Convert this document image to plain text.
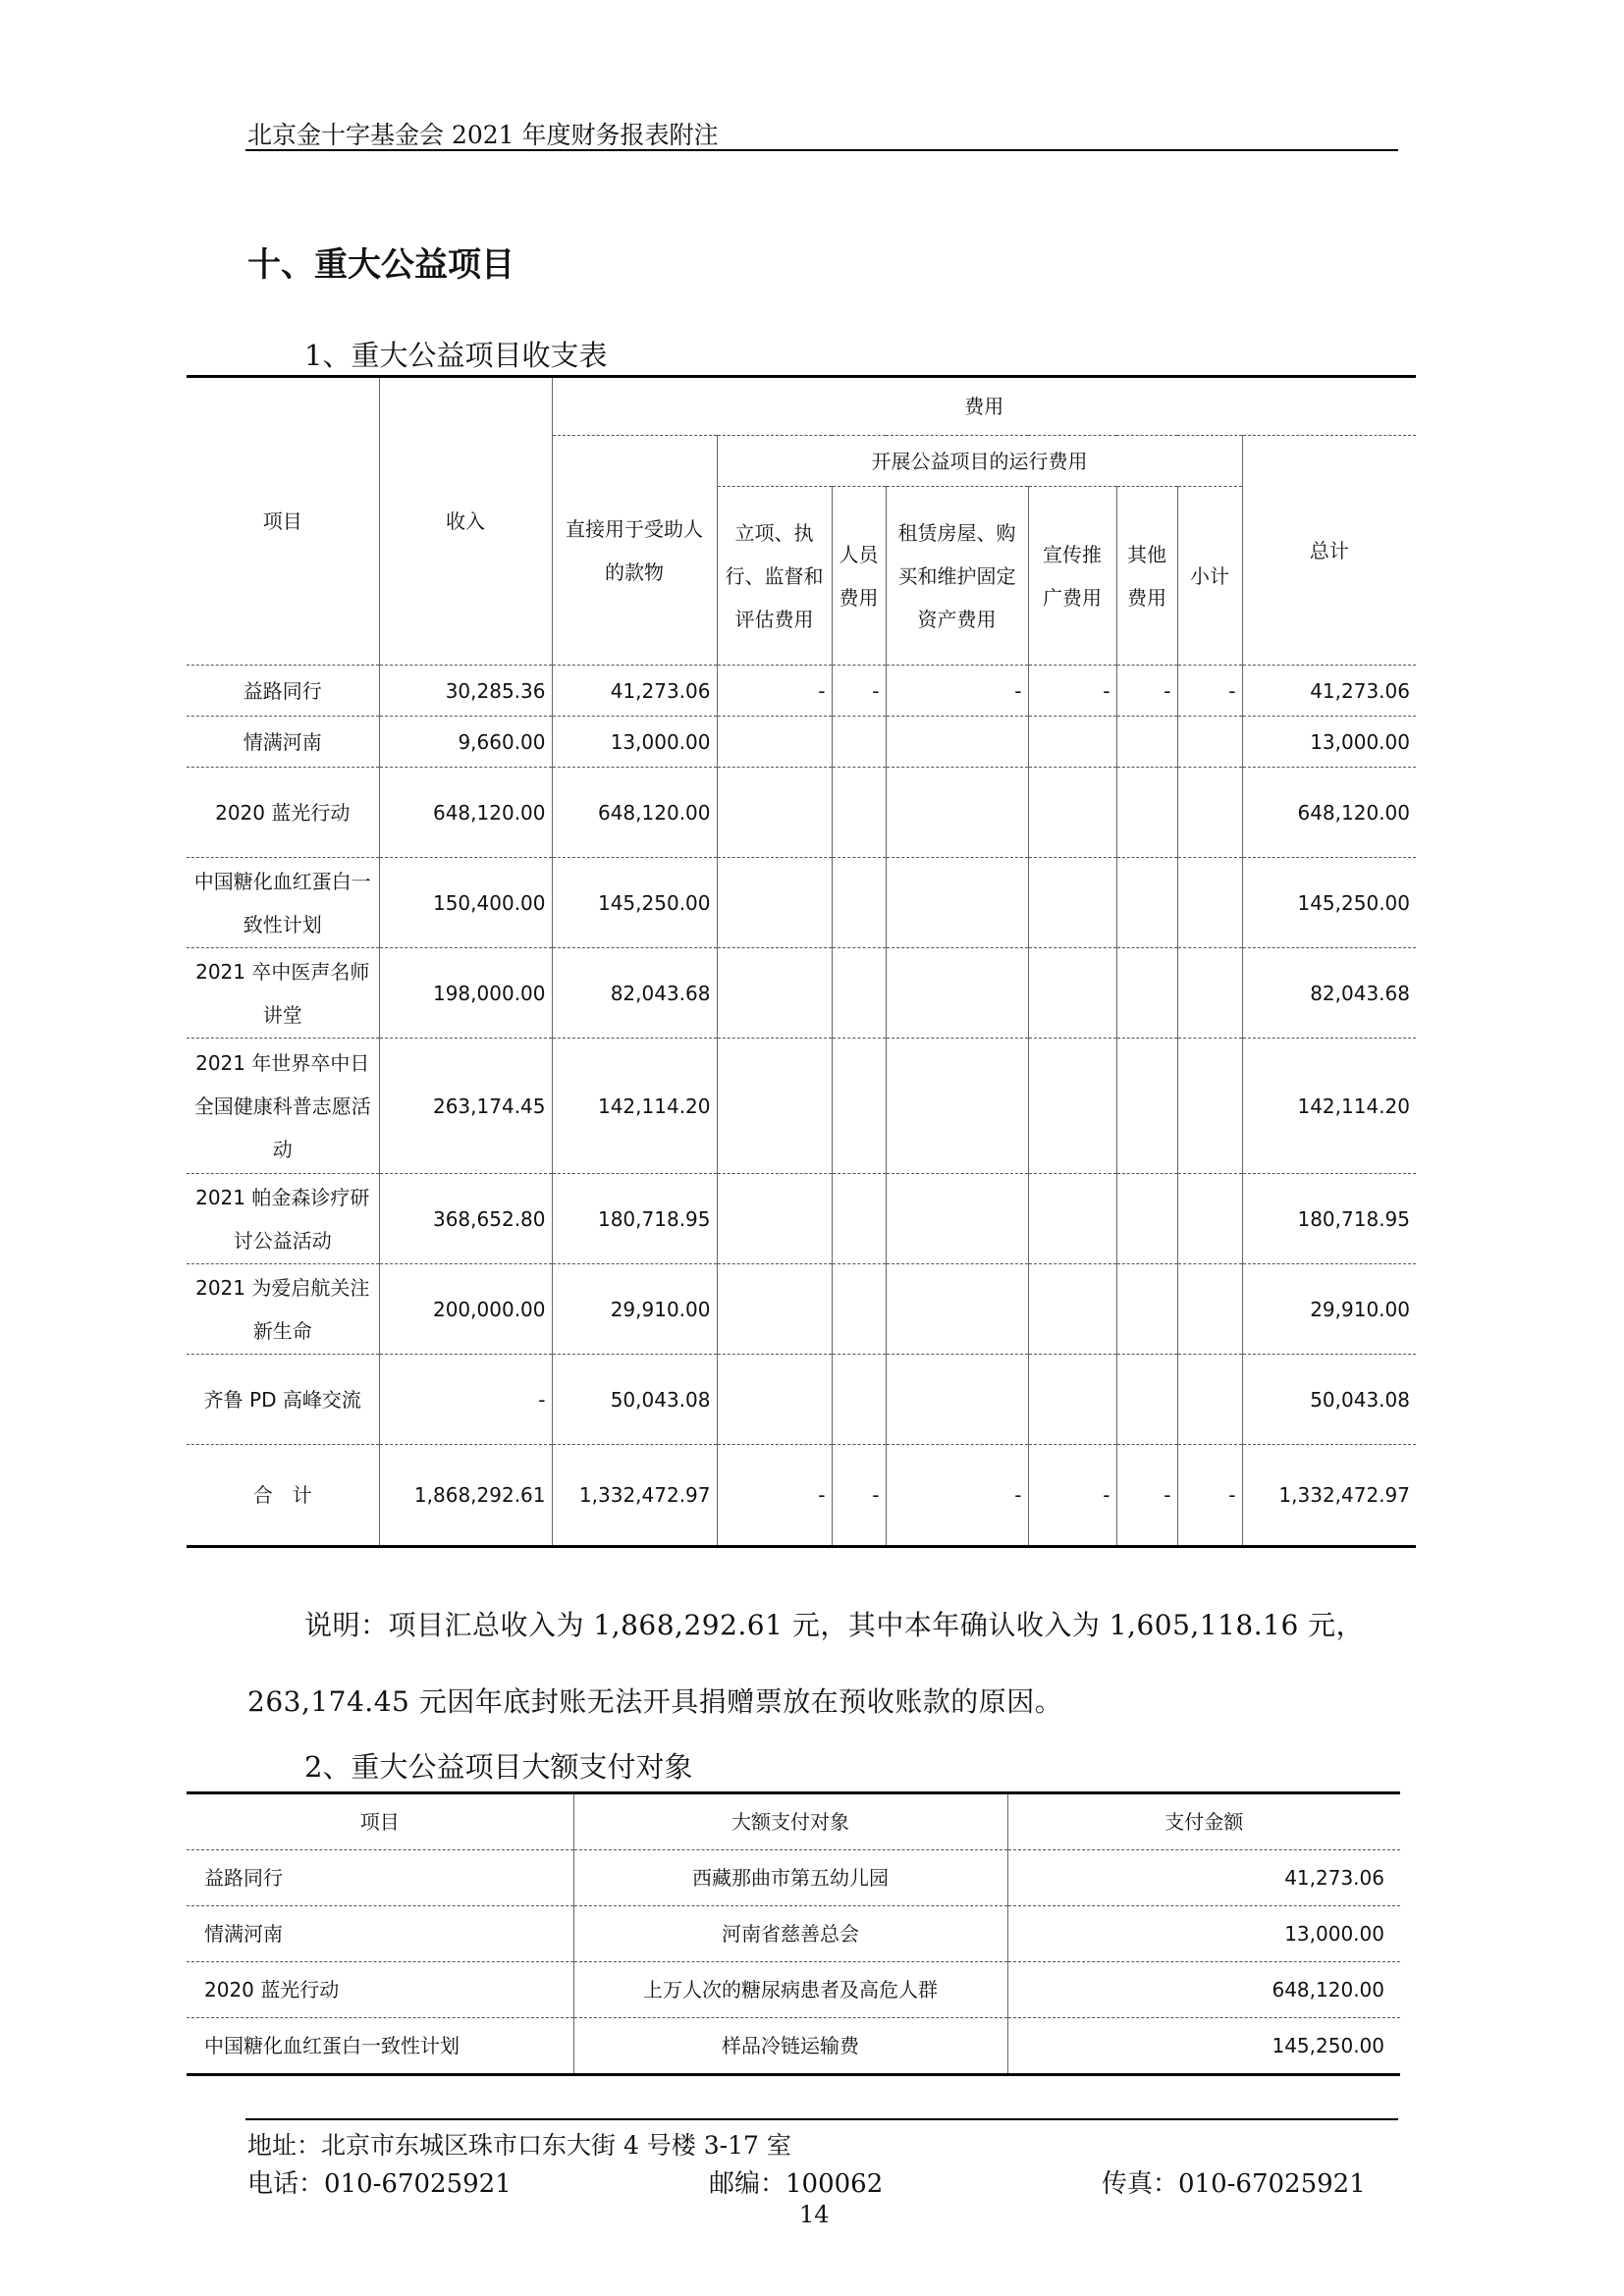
北京金十字基金会 2021 年度财务报表附注
十、重大公益项目
1、重大公益项目收支表
项目	收入	费用							
		直接用于受助人的款物	开展公益项目的运行费用						总计
			立项、执行、监督和评估费用	人员费用	租赁房屋、购买和维护固定资产费用	宣传推广费用	其他费用	小计	
益路同行	30,285.36	41,273.06	-	-	-	-	-	-	41,273.06
情满河南	9,660.00	13,000.00							13,000.00
2020 蓝光行动	648,120.00	648,120.00							648,120.00
中国糖化血红蛋白一致性计划	150,400.00	145,250.00							145,250.00
2021 卒中医声名师讲堂	198,000.00	82,043.68							82,043.68
2021 年世界卒中日全国健康科普志愿活动	263,174.45	142,114.20							142,114.20
2021 帕金森诊疗研讨公益活动	368,652.80	180,718.95							180,718.95
2021 为爱启航关注新生命	200,000.00	29,910.00							29,910.00
齐鲁 PD 高峰交流	-	50,043.08							50,043.08
合　计	1,868,292.61	1,332,472.97	-	-	-	-	-	-	1,332,472.97
说明：项目汇总收入为 1,868,292.61 元，其中本年确认收入为 1,605,118.16 元，
263,174.45 元因年底封账无法开具捐赠票放在预收账款的原因。
2、重大公益项目大额支付对象
项目	大额支付对象	支付金额
益路同行	西藏那曲市第五幼儿园	41,273.06
情满河南	河南省慈善总会	13,000.00
2020 蓝光行动	上万人次的糖尿病患者及高危人群	648,120.00
中国糖化血红蛋白一致性计划	样品冷链运输费	145,250.00
地址：北京市东城区珠市口东大街 4 号楼 3-17 室
电话：010-67025921	邮编：100062	传真：010-67025921
14
